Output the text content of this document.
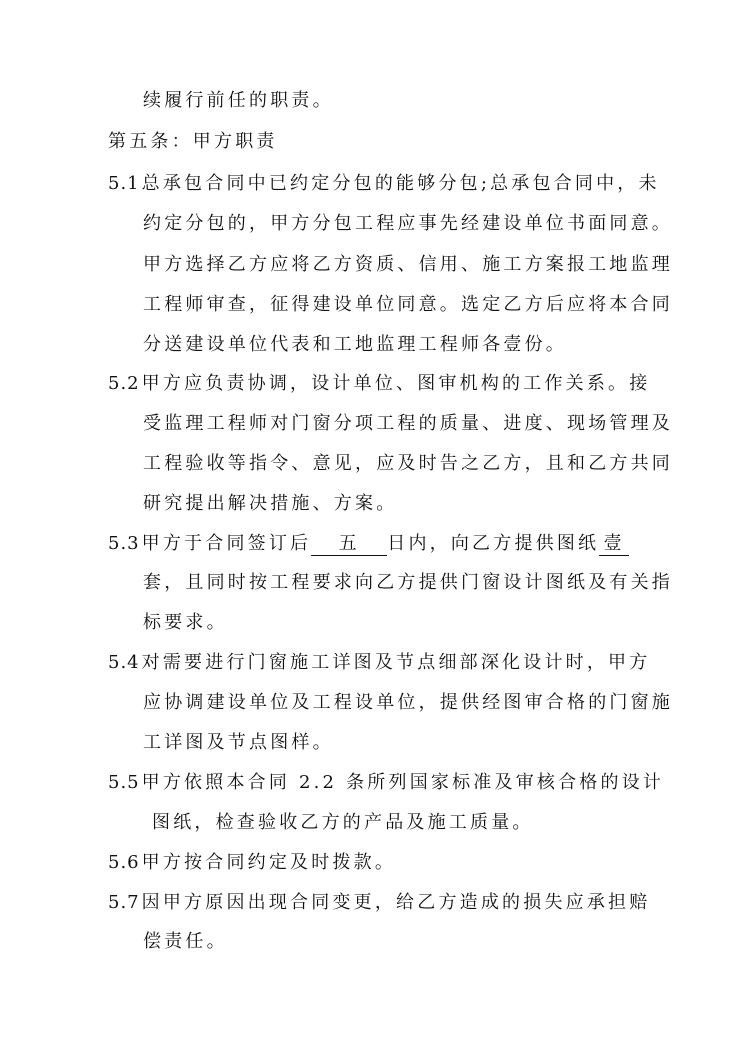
续履行前任的职责。
第五条：甲方职责
5.1 总承包合同中已约定分包的能够分包;总承包合同中，未
约定分包的，甲方分包工程应事先经建设单位书面同意。
甲方选择乙方应将乙方资质、信用、施工方案报工地监理
工程师审查，征得建设单位同意。选定乙方后应将本合同
分送建设单位代表和工地监理工程师各壹份。
5.2 甲方应负责协调，设计单位、图审机构的工作关系。接
受监理工程师对门窗分项工程的质量、进度、现场管理及
工程验收等指令、意见，应及时告之乙方，且和乙方共同
研究提出解决措施、方案。
5.3 甲方于合同签订后 五 日内，向乙方提供图纸 壹
套，且同时按工程要求向乙方提供门窗设计图纸及有关指
标要求。
5.4 对需要进行门窗施工详图及节点细部深化设计时，甲方
应协调建设单位及工程设单位，提供经图审合格的门窗施
工详图及节点图样。
5.5 甲方依照本合同 2.2 条所列国家标准及审核合格的设计
图纸，检查验收乙方的产品及施工质量。
5.6 甲方按合同约定及时拨款。
5.7 因甲方原因出现合同变更，给乙方造成的损失应承担赔
偿责任。
